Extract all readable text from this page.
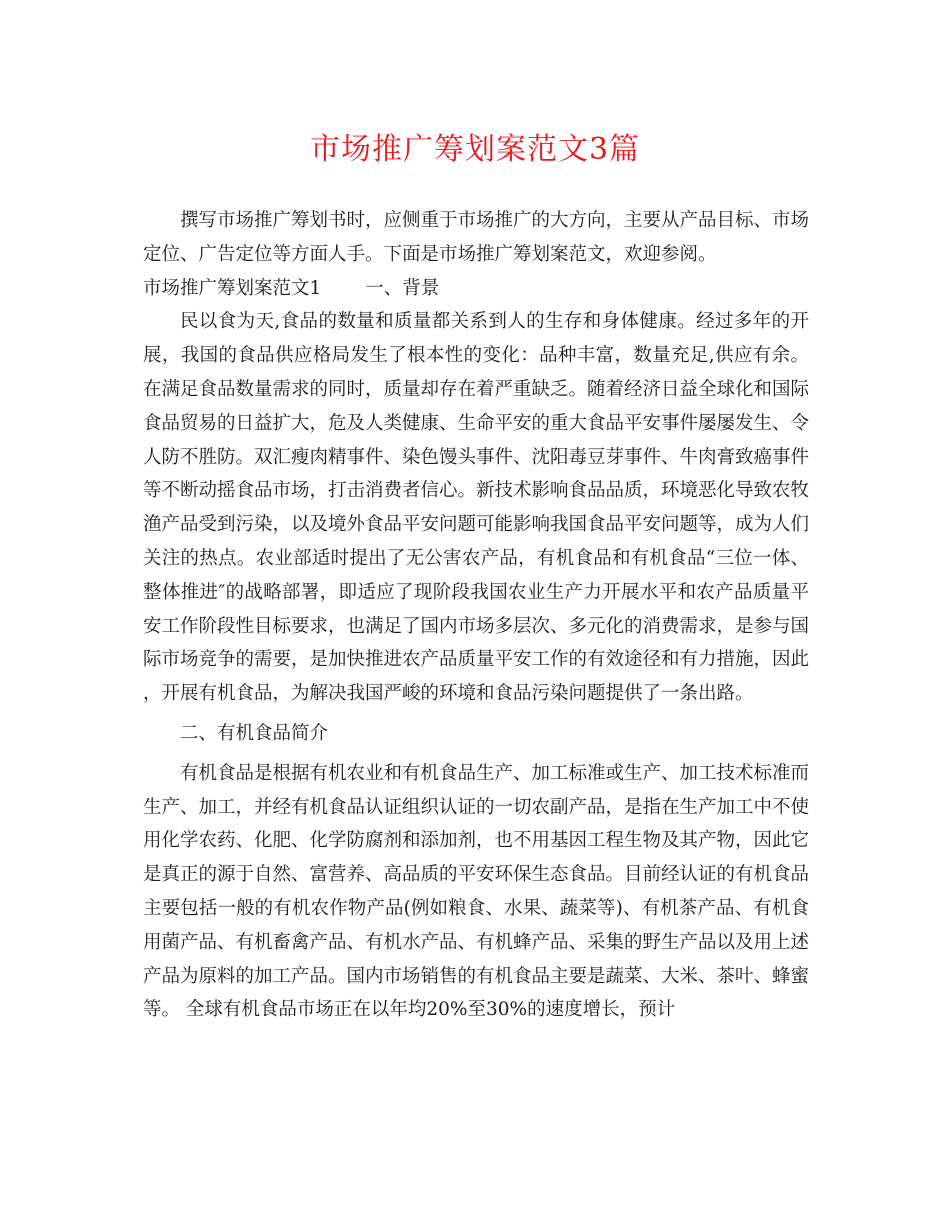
市场推广筹划案范文3篇

撰写市场推广筹划书时，应侧重于市场推广的大方向，主要从产品目标、市场定位、广告定位等方面人手。下面是市场推广筹划案范文，欢迎参阅。

市场推广筹划案范文1 一、背景

民以食为天,食品的数量和质量都关系到人的生存和身体健康。经过多年的开展，我国的食品供应格局发生了根本性的变化：品种丰富，数量充足,供应有余。在满足食品数量需求的同时，质量却存在着严重缺乏。随着经济日益全球化和国际食品贸易的日益扩大，危及人类健康、生命平安的重大食品平安事件屡屡发生、令人防不胜防。双汇瘦肉精事件、染色馒头事件、沈阳毒豆芽事件、牛肉膏致癌事件等不断动摇食品市场，打击消费者信心。新技术影响食品品质，环境恶化导致农牧渔产品受到污染，以及境外食品平安问题可能影响我国食品平安问题等，成为人们关注的热点。农业部适时提出了无公害农产品，有机食品和有机食品“三位一体、整体推进″的战略部署，即适应了现阶段我国农业生产力开展水平和农产品质量平安工作阶段性目标要求，也满足了国内市场多层次、多元化的消费需求，是参与国际市场竞争的需要，是加快推进农产品质量平安工作的有效途径和有力措施，因此，开展有机食品，为解决我国严峻的环境和食品污染问题提供了一条出路。

二、有机食品简介

有机食品是根据有机农业和有机食品生产、加工标准或生产、加工技术标准而生产、加工，并经有机食品认证组织认证的一切农副产品，是指在生产加工中不使用化学农药、化肥、化学防腐剂和添加剂，也不用基因工程生物及其产物，因此它是真正的源于自然、富营养、高品质的平安环保生态食品。目前经认证的有机食品主要包括一般的有机农作物产品(例如粮食、水果、蔬菜等)、有机茶产品、有机食用菌产品、有机畜禽产品、有机水产品、有机蜂产品、采集的野生产品以及用上述产品为原料的加工产品。国内市场销售的有机食品主要是蔬菜、大米、茶叶、蜂蜜等。 全球有机食品市场正在以年均20%至30%的速度增长，预计
